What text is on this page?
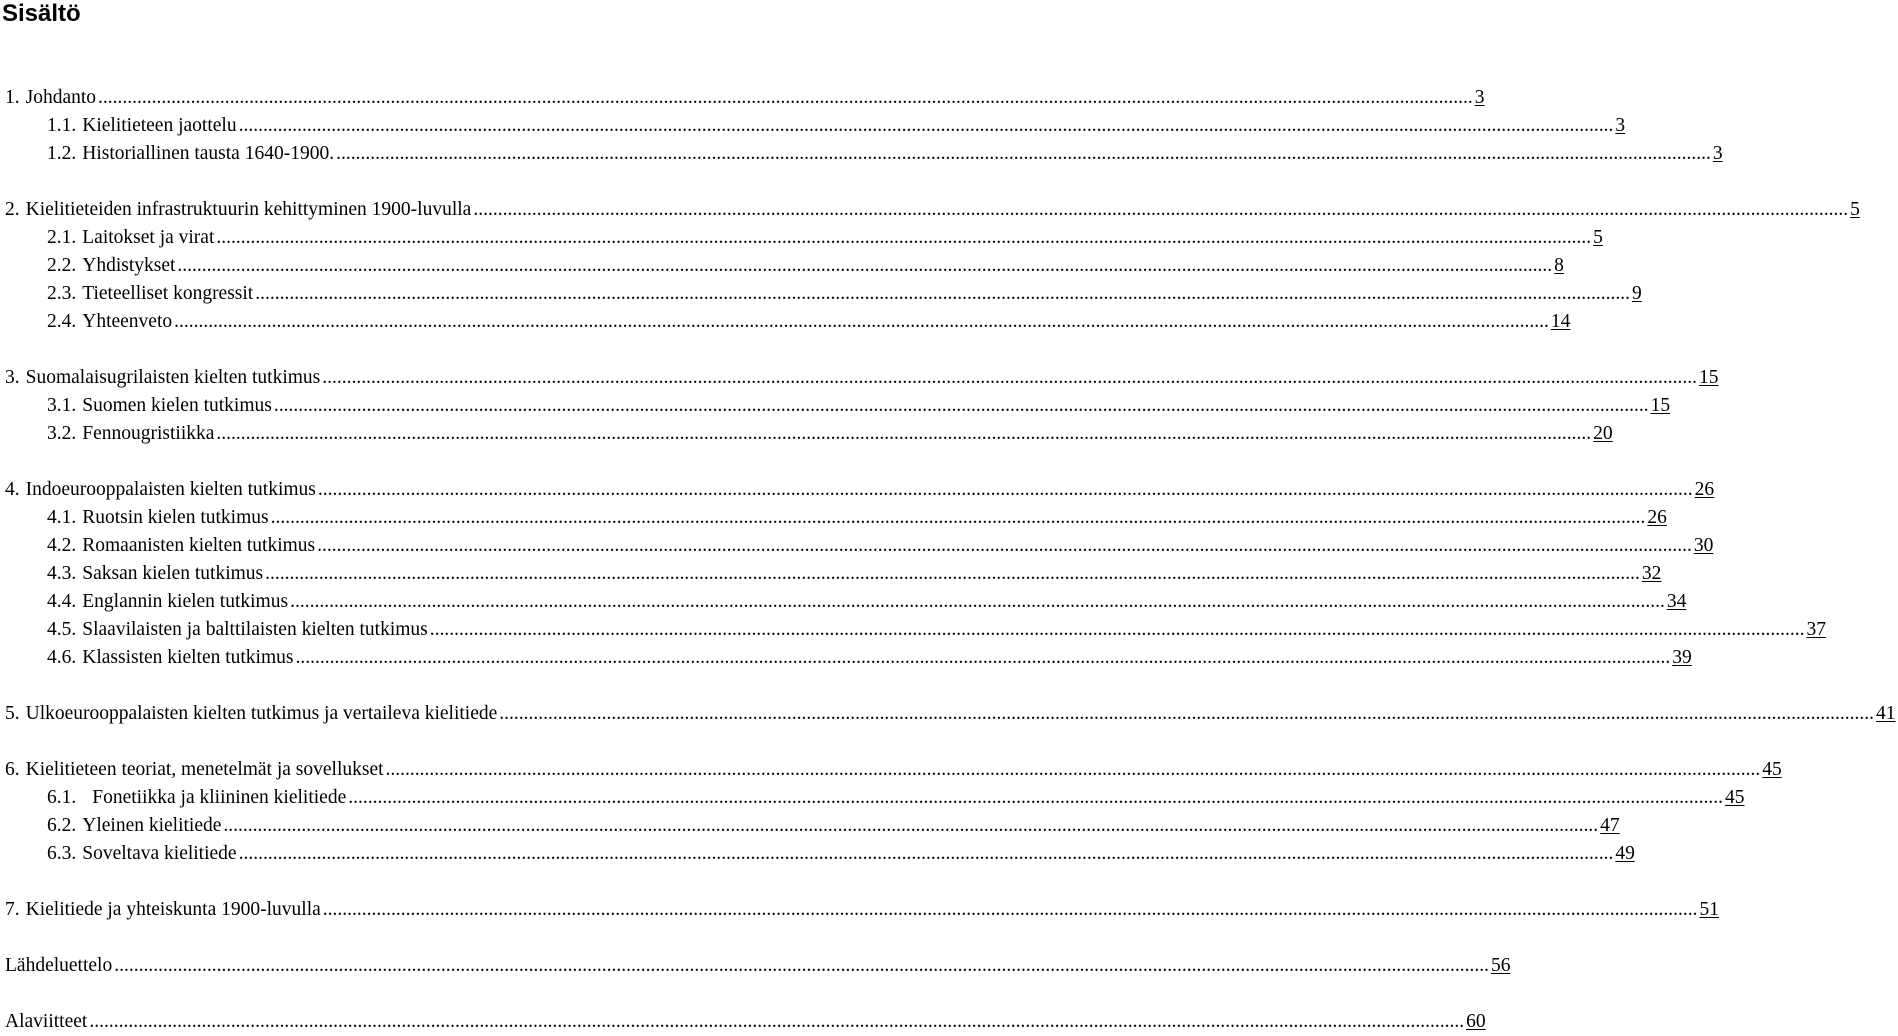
Sisältö
1. Johdanto .....	3
1.1. Kielitieteen jaottelu .....	3
1.2. Historiallinen tausta 1640-1900. .....	3
2. Kielitieteiden infrastruktuurin kehittyminen 1900-luvulla .....	5
2.1. Laitokset ja virat .....	5
2.2. Yhdistykset .....	8
2.3. Tieteelliset kongressit .....	9
2.4. Yhteenveto .....	14
3. Suomalaisugrilaisten kielten tutkimus .....	15
3.1. Suomen kielen tutkimus .....	15
3.2. Fennougristiikka .....	20
4. Indoeurooppalaisten kielten tutkimus .....	26
4.1. Ruotsin kielen tutkimus .....	26
4.2. Romaanisten kielten tutkimus .....	30
4.3. Saksan kielen tutkimus .....	32
4.4. Englannin kielen tutkimus .....	34
4.5. Slaavilaisten ja balttilaisten kielten tutkimus .....	37
4.6. Klassisten kielten tutkimus .....	39
5. Ulkoeurooppalaisten kielten tutkimus ja vertaileva kielitiede .....	41
6. Kielitieteen teoriat, menetelmät ja sovellukset .....	45
6.1. Fonetiikka ja kliininen kielitiede .....	45
6.2. Yleinen kielitiede .....	47
6.3. Soveltava kielitiede .....	49
7. Kielitiede ja yhteiskunta 1900-luvulla .....	51
Lähdeluettelo .....	56
Alaviitteet .....	60
